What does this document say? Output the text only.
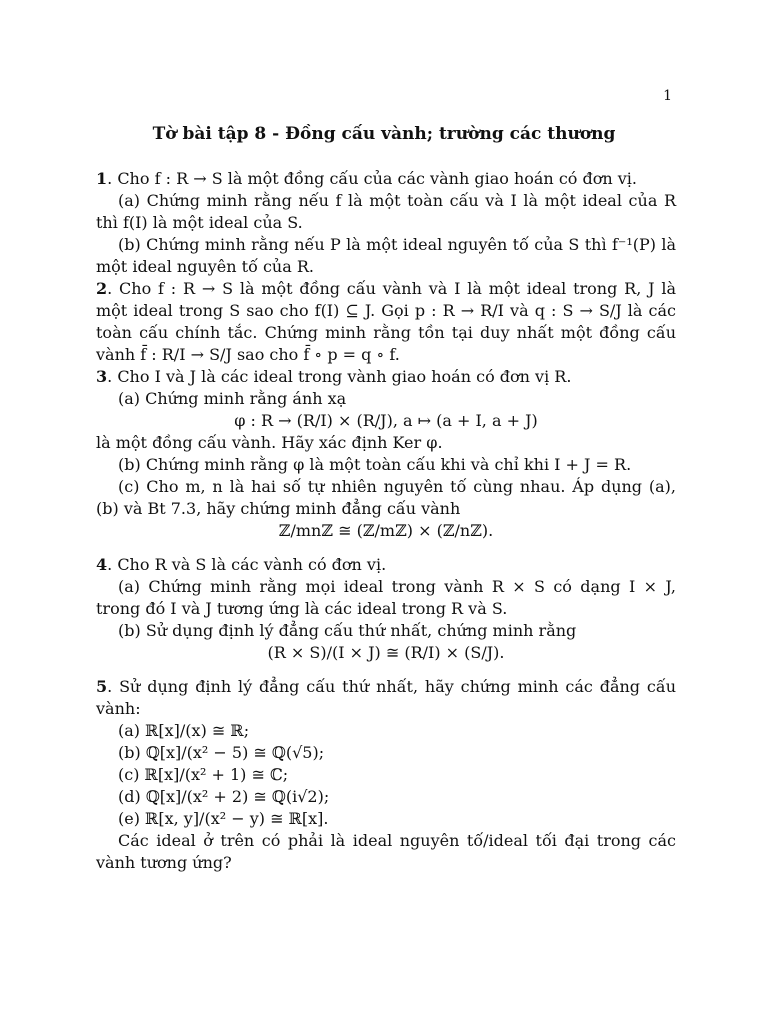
1
Tờ bài tập 8 - Đồng cấu vành; trường các thương

1. Cho f : R → S là một đồng cấu của các vành giao hoán có đơn vị.

(a) Chứng minh rằng nếu f là một toàn cấu và I là một ideal của R thì f(I) là một ideal của S.

(b) Chứng minh rằng nếu P là một ideal nguyên tố của S thì f⁻¹(P) là một ideal nguyên tố của R.

2. Cho f : R → S là một đồng cấu vành và I là một ideal trong R, J là một ideal trong S sao cho f(I) ⊆ J. Gọi p : R → R/I và q : S → S/J là các toàn cấu chính tắc. Chứng minh rằng tồn tại duy nhất một đồng cấu vành f̄ : R/I → S/J sao cho f̄ ∘ p = q ∘ f.

3. Cho I và J là các ideal trong vành giao hoán có đơn vị R.

(a) Chứng minh rằng ánh xạ

φ : R → (R/I) × (R/J), a ↦ (a + I, a + J)

là một đồng cấu vành. Hãy xác định Ker φ.

(b) Chứng minh rằng φ là một toàn cấu khi và chỉ khi I + J = R.

(c) Cho m, n là hai số tự nhiên nguyên tố cùng nhau. Áp dụng (a), (b) và Bt 7.3, hãy chứng minh đẳng cấu vành

ℤ/mnℤ ≅ (ℤ/mℤ) × (ℤ/nℤ).

4. Cho R và S là các vành có đơn vị.

(a) Chứng minh rằng mọi ideal trong vành R × S có dạng I × J, trong đó I và J tương ứng là các ideal trong R và S.

(b) Sử dụng định lý đẳng cấu thứ nhất, chứng minh rằng

(R × S)/(I × J) ≅ (R/I) × (S/J).

5. Sử dụng định lý đẳng cấu thứ nhất, hãy chứng minh các đẳng cấu vành:

(a) ℝ[x]/(x) ≅ ℝ;

(b) ℚ[x]/(x² − 5) ≅ ℚ(√5);

(c) ℝ[x]/(x² + 1) ≅ ℂ;

(d) ℚ[x]/(x² + 2) ≅ ℚ(i√2);

(e) ℝ[x, y]/(x² − y) ≅ ℝ[x].

Các ideal ở trên có phải là ideal nguyên tố/ideal tối đại trong các vành tương ứng?
